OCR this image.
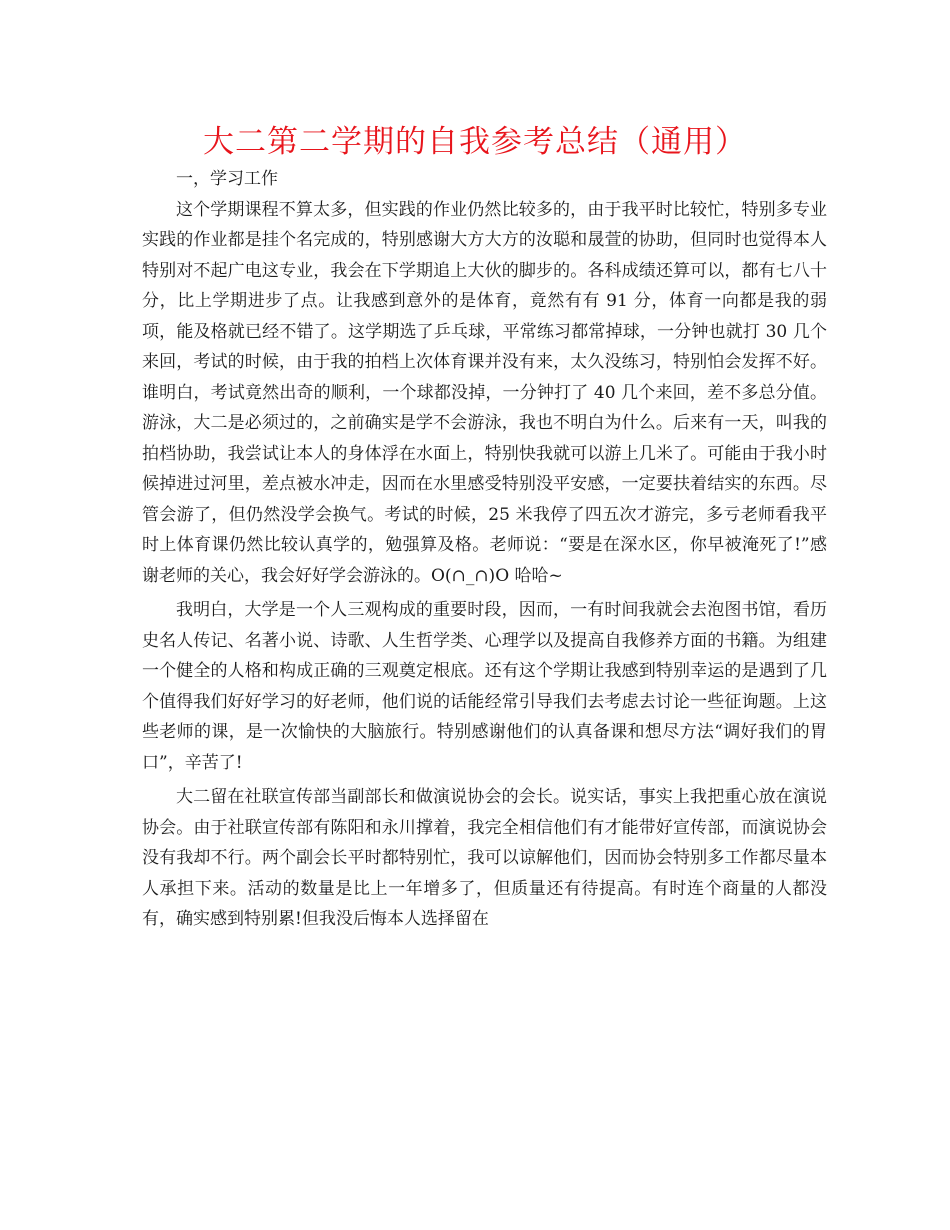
大二第二学期的自我参考总结（通用）

一，学习工作

这个学期课程不算太多，但实践的作业仍然比较多的，由于我平时比较忙，特别多专业实践的作业都是挂个名完成的，特别感谢大方大方的汝聪和晟萱的协助，但同时也觉得本人特别对不起广电这专业，我会在下学期追上大伙的脚步的。各科成绩还算可以，都有七八十分，比上学期进步了点。让我感到意外的是体育，竟然有有 91 分，体育一向都是我的弱项，能及格就已经不错了。这学期选了乒乓球，平常练习都常掉球，一分钟也就打 30 几个来回，考试的时候，由于我的拍档上次体育课并没有来，太久没练习，特别怕会发挥不好。谁明白，考试竟然出奇的顺利，一个球都没掉，一分钟打了 40 几个来回，差不多总分值。游泳，大二是必须过的，之前确实是学不会游泳，我也不明白为什么。后来有一天，叫我的拍档协助，我尝试让本人的身体浮在水面上，特别快我就可以游上几米了。可能由于我小时候掉进过河里，差点被水冲走，因而在水里感受特别没平安感，一定要扶着结实的东西。尽管会游了，但仍然没学会换气。考试的时候，25 米我停了四五次才游完，多亏老师看我平时上体育课仍然比较认真学的，勉强算及格。老师说：“要是在深水区，你早被淹死了!”感谢老师的关心，我会好好学会游泳的。O(∩_∩)O 哈哈~

我明白，大学是一个人三观构成的重要时段，因而，一有时间我就会去泡图书馆，看历史名人传记、名著小说、诗歌、人生哲学类、心理学以及提高自我修养方面的书籍。为组建一个健全的人格和构成正确的三观奠定根底。还有这个学期让我感到特别幸运的是遇到了几个值得我们好好学习的好老师，他们说的话能经常引导我们去考虑去讨论一些征询题。上这些老师的课，是一次愉快的大脑旅行。特别感谢他们的认真备课和想尽方法“调好我们的胃口”，辛苦了!

大二留在社联宣传部当副部长和做演说协会的会长。说实话，事实上我把重心放在演说协会。由于社联宣传部有陈阳和永川撑着，我完全相信他们有才能带好宣传部，而演说协会没有我却不行。两个副会长平时都特别忙，我可以谅解他们，因而协会特别多工作都尽量本人承担下来。活动的数量是比上一年增多了，但质量还有待提高。有时连个商量的人都没有，确实感到特别累!但我没后悔本人选择留在
